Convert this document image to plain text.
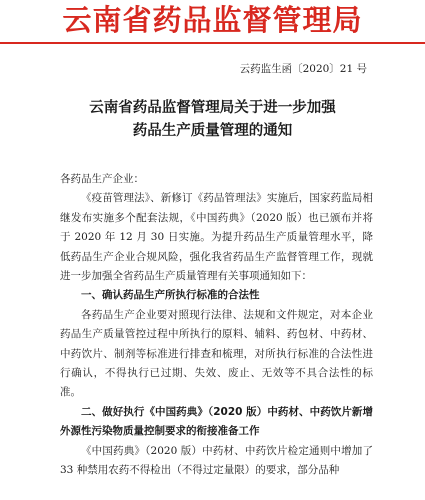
云南省药品监督管理局
云药监生函〔2020〕21 号
云南省药品监督管理局关于进一步加强
药品生产质量管理的通知

各药品生产企业：

《疫苗管理法》、新修订《药品管理法》实施后，国家药监局相继发布实施多个配套法规，《中国药典》（2020 版）也已颁布并将于 2020 年 12 月 30 日实施。为提升药品生产质量管理水平，降低药品生产企业合规风险，强化我省药品生产监督管理工作，现就进一步加强全省药品生产质量管理有关事项通知如下：

一、确认药品生产所执行标准的合法性

各药品生产企业要对照现行法律、法规和文件规定，对本企业药品生产质量管控过程中所执行的原料、辅料、药包材、中药材、中药饮片、制剂等标准进行排查和梳理，对所执行标准的合法性进行确认，不得执行已过期、失效、废止、无效等不具合法性的标准。

二、做好执行《中国药典》（2020 版）中药材、中药饮片新增外源性污染物质量控制要求的衔接准备工作

《中国药典》（2020 版）中药材、中药饮片检定通则中增加了 33 种禁用农药不得检出（不得过定量限）的要求，部分品种
